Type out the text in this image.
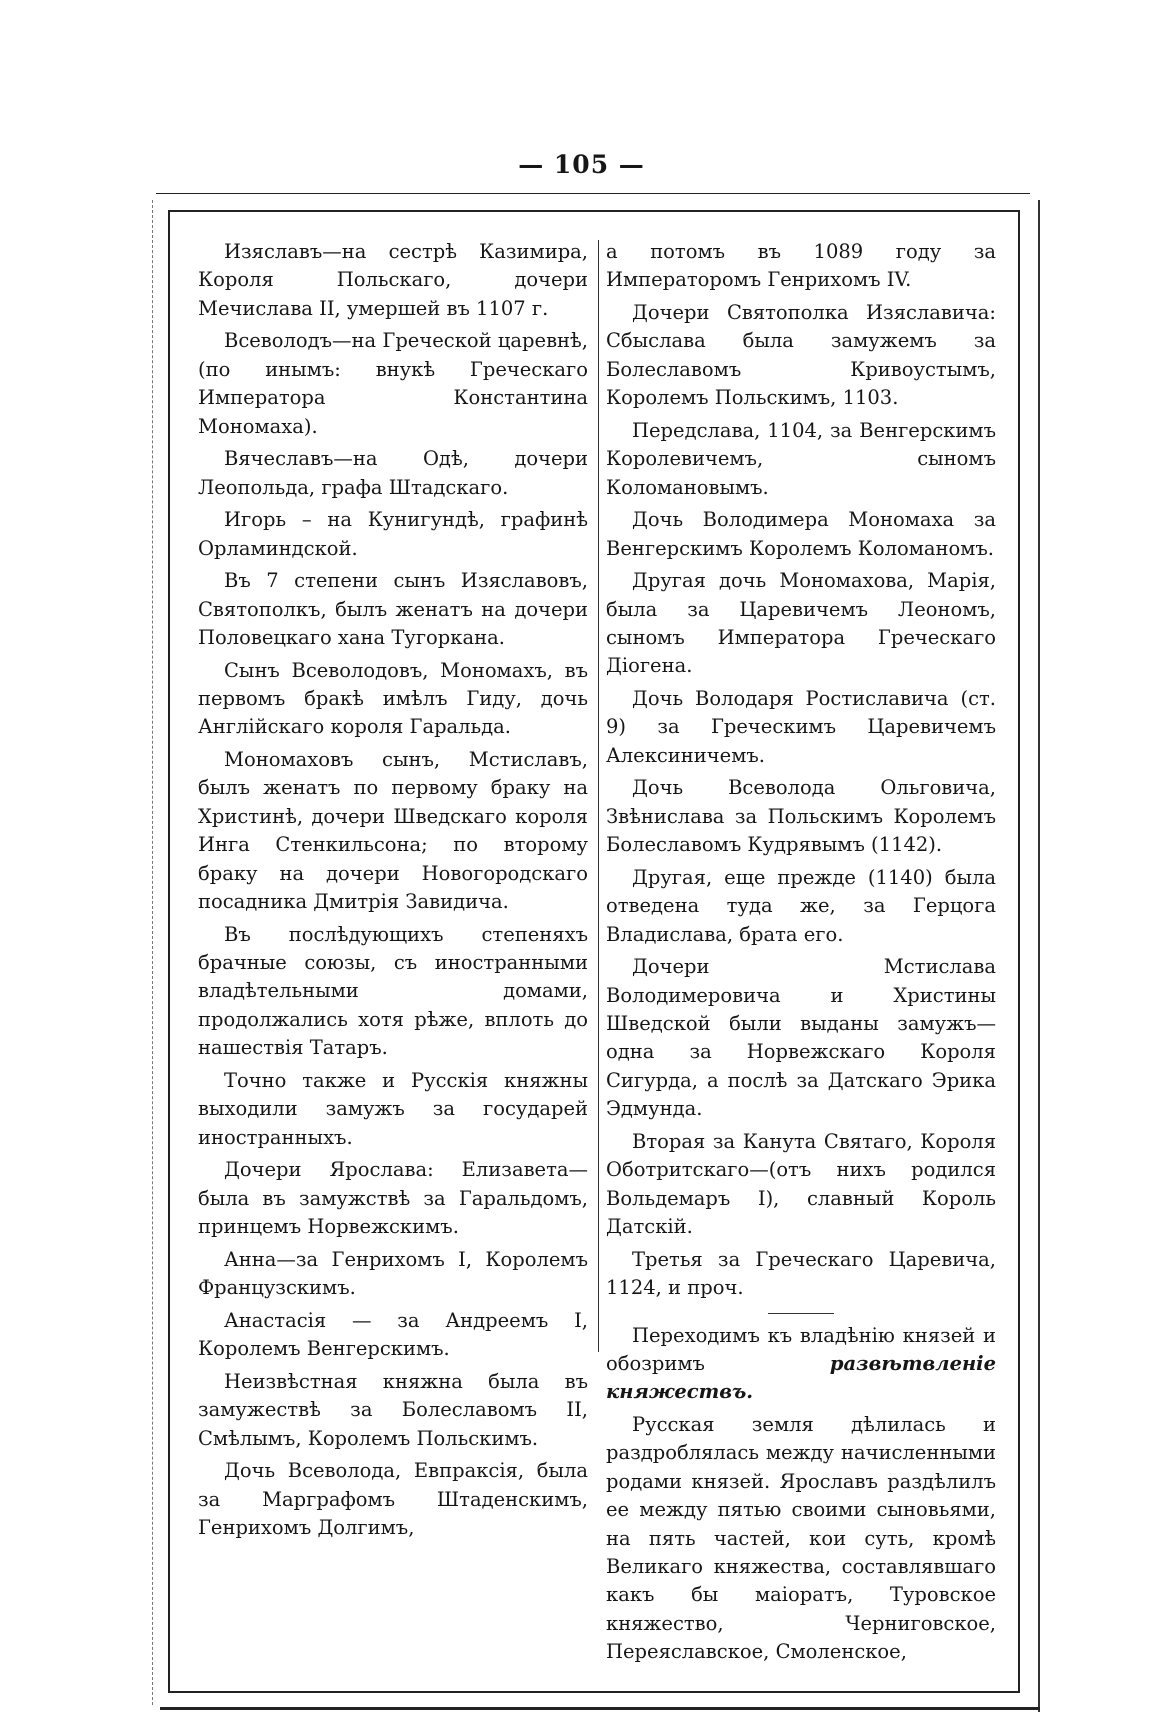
— 105 —

Изяславъ—на сестрѣ Казимира, Короля Польскаго, дочери Мечислава II, умершей въ 1107 г.

Всеволодъ—на Греческой царевнѣ, (по инымъ: внукѣ Греческаго Императора Константина Мономаха).

Вячеславъ—на Одѣ, дочери Леопольда, графа Штадскаго.

Игорь – на Кунигундѣ, графинѣ Орламиндской.

Въ 7 степени сынъ Изяславовъ, Святополкъ, былъ женатъ на дочери Половецкаго хана Тугоркана.

Сынъ Всеволодовъ, Мономахъ, въ первомъ бракѣ имѣлъ Гиду, дочь Англійскаго короля Гаральда.

Мономаховъ сынъ, Мстиславъ, былъ женатъ по первому браку на Христинѣ, дочери Шведскаго короля Инга Стенкильсона; по второму браку на дочери Новогородскаго посадника Дмитрія Завидича.

Въ послѣдующихъ степеняхъ брачные союзы, съ иностранными владѣтельными домами, продолжались хотя рѣже, вплоть до нашествія Татаръ.

Точно также и Русскія княжны выходили замужъ за государей иностранныхъ.

Дочери Ярослава: Елизавета—была въ замужствѣ за Гаральдомъ, принцемъ Норвежскимъ.

Анна—за Генрихомъ I, Королемъ Французскимъ.

Анастасія — за Андреемъ I, Королемъ Венгерскимъ.

Неизвѣстная княжна была въ замужествѣ за Болеславомъ II, Смѣлымъ, Королемъ Польскимъ.

Дочь Всеволода, Евпраксія, была за Маргрaфомъ Штаденскимъ, Генрихомъ Долгимъ,

а потомъ въ 1089 году за Императоромъ Генрихомъ IV.

Дочери Святополка Изяславича: Сбыслава была замужемъ за Болеславомъ Кривоустымъ, Королемъ Польскимъ, 1103.

Передслава, 1104, за Венгерскимъ Королевичемъ, сыномъ Коломановымъ.

Дочь Володимера Мономаха за Венгерскимъ Королемъ Коломаномъ.

Другая дочь Мономахова, Марія, была за Царевичемъ Леономъ, сыномъ Императора Греческаго Діогена.

Дочь Володаря Ростиславича (ст. 9) за Греческимъ Царевичемъ Алексиничемъ.

Дочь Всеволода Ольговича, Звѣнислава за Польскимъ Королемъ Болеславомъ Кудрявымъ (1142).

Другая, еще прежде (1140) была отведена туда же, за Герцога Владислава, брата его.

Дочери Мстислава Володимеровича и Христины Шведской были выданы замужъ—одна за Норвежскаго Короля Сигурда, а послѣ за Датскаго Эрика Эдмунда.

Вторая за Канута Святаго, Короля Оботритскаго—(отъ нихъ родился Вольдемаръ I), славный Король Датскій.

Третья за Греческаго Царевича, 1124, и проч.

Переходимъ къ владѣнію князей и обозримъ	развѣтвленіе княжествъ.

Русская земля дѣлилась и раздроблялась между начисленными родами князей. Ярославъ раздѣлилъ ее между пятью своими сыновьями, на пять частей, кои суть, кромѣ Великаго княжества, составлявшаго какъ бы маіоратъ, Туровское княжество, Черниговское, Переяславское, Смоленское,
